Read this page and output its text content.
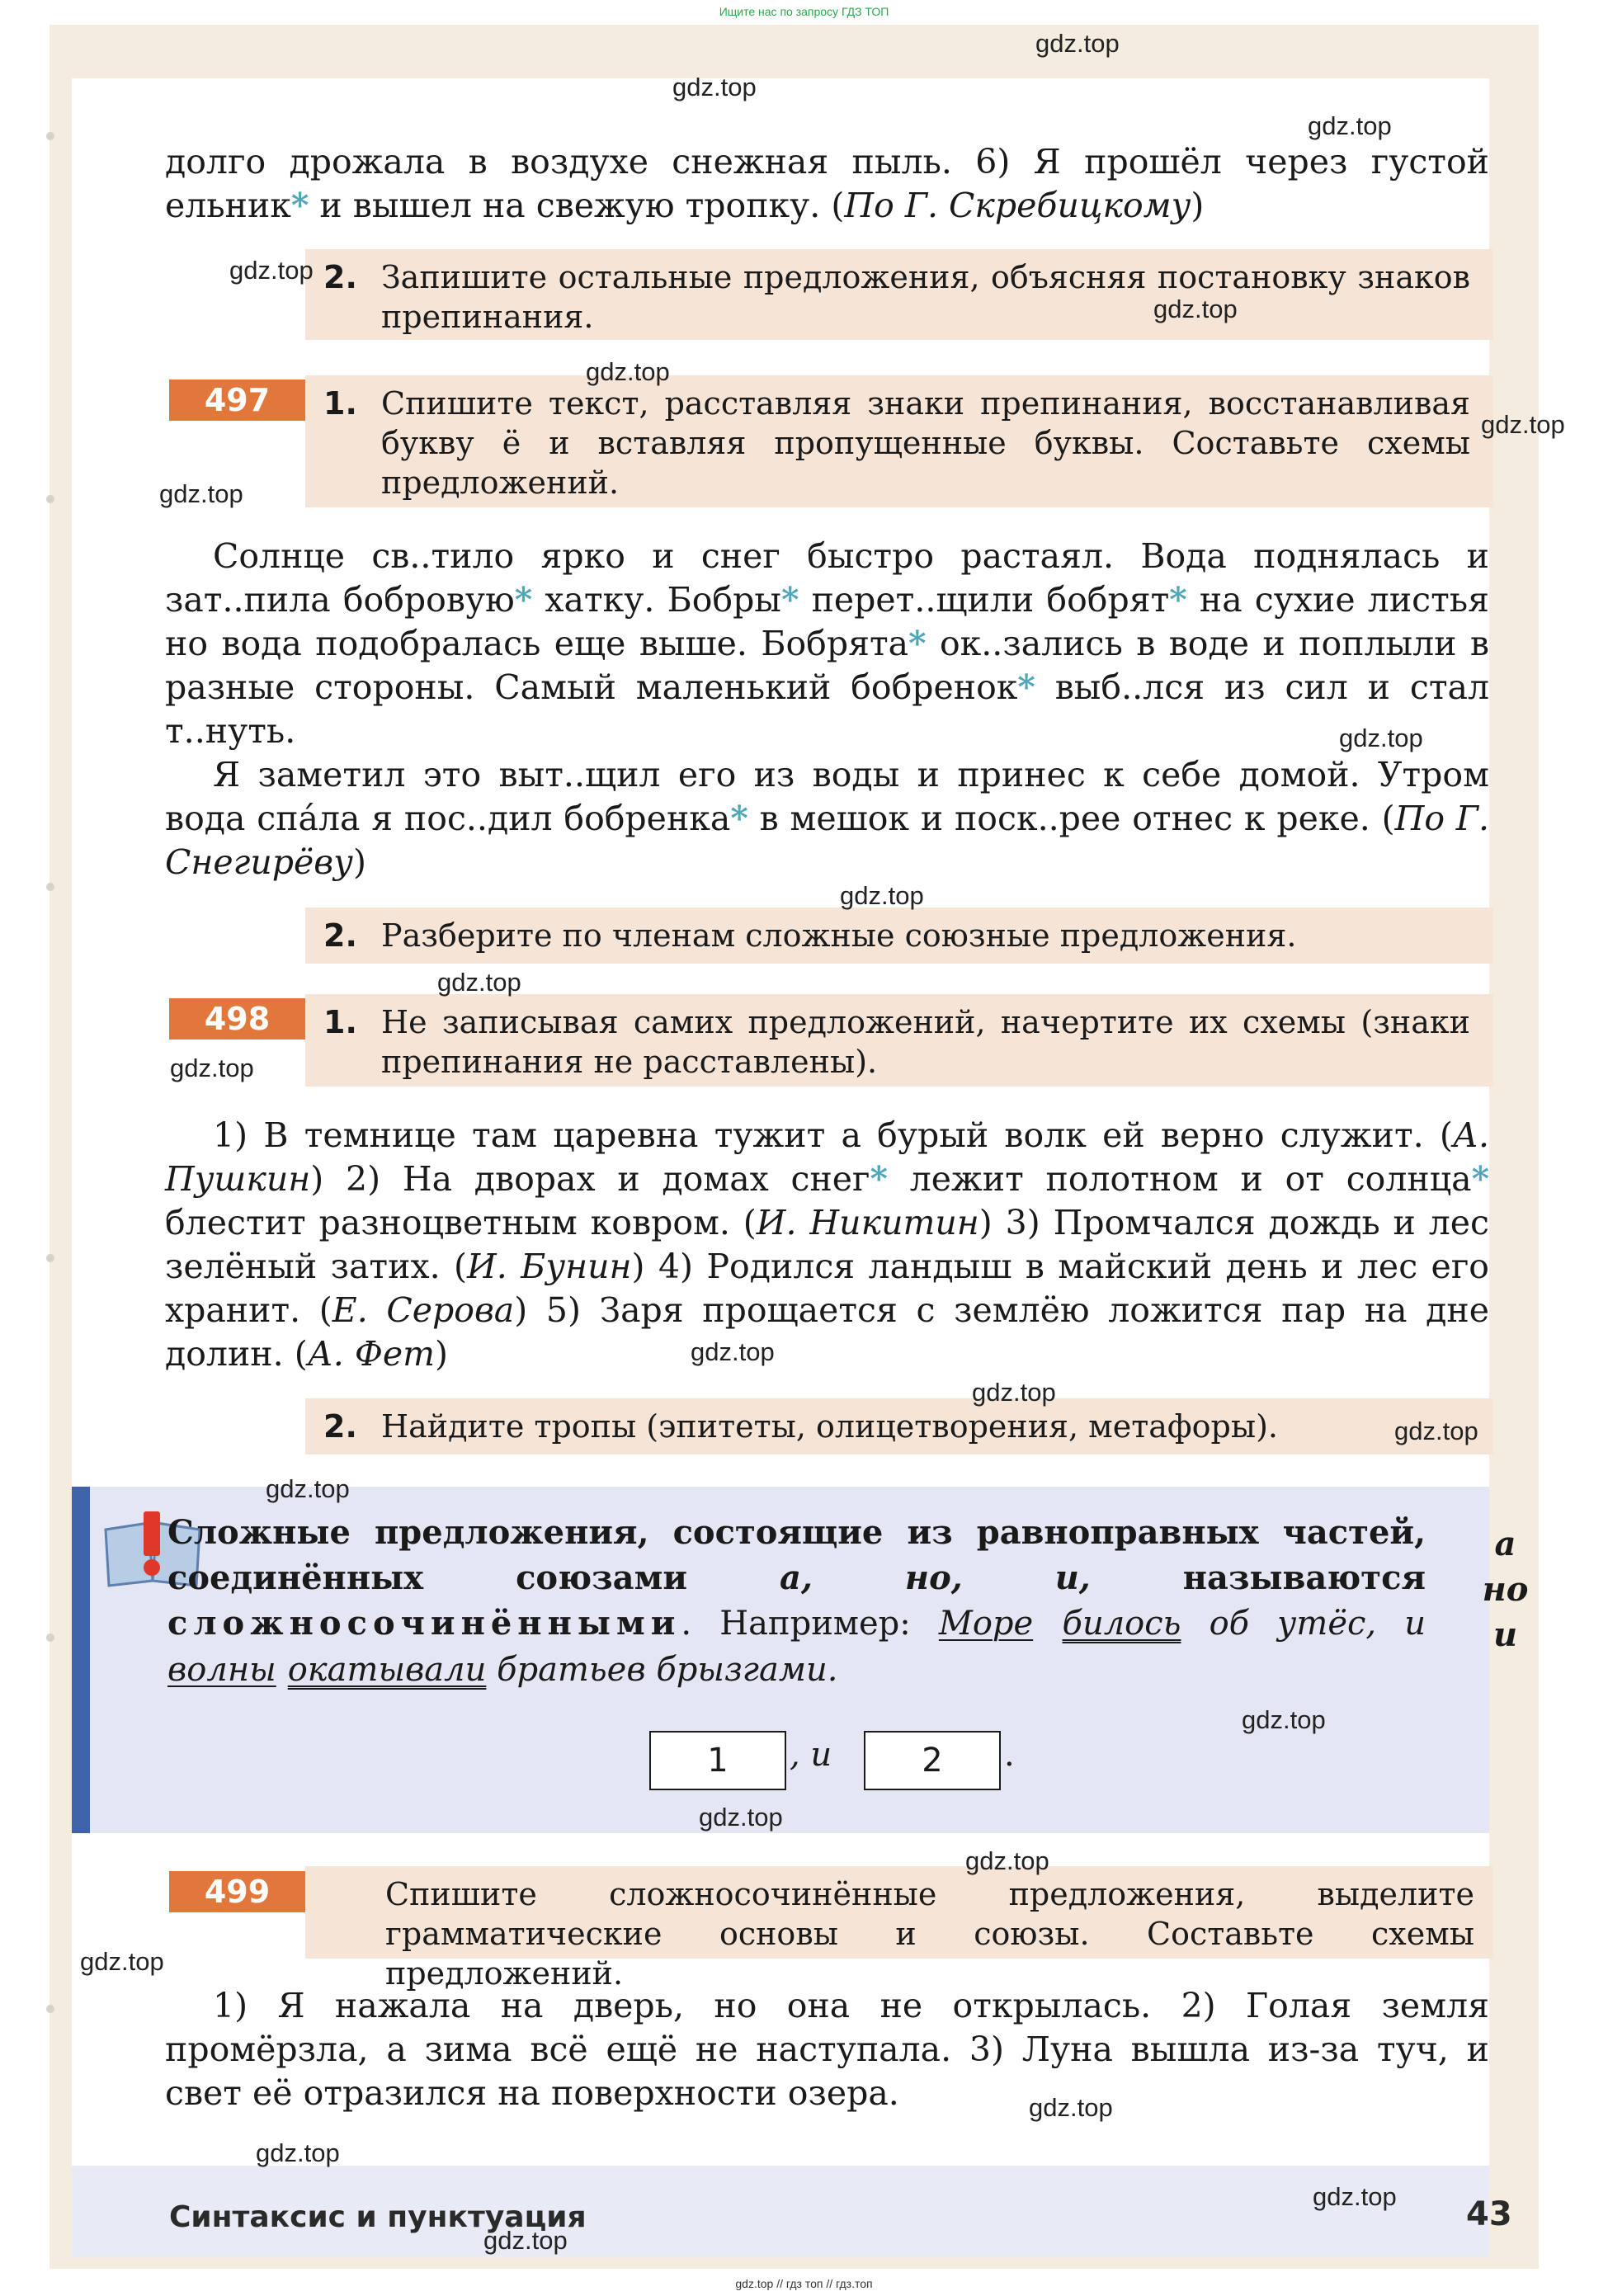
Ищите нас по запросу ГДЗ ТОП

долго дрожала в воздухе снежная пыль. 6) Я прошёл через густой

ельник* и вышел на свежую тропку. (По Г. Скребицкому)

2. Запишите остальные предложения, объясняя постановку знаков препинания.
497	1. Спишите текст, расставляя знаки препинания, восстанавливая букву ё и вставляя пропущенные буквы. Составьте схемы предложений.

Солнце св..тило ярко и снег быстро растаял. Вода поднялась и зат..пила бобровую* хатку. Бобры* перет..щили бобрят* на сухие листья но вода подобралась еще выше. Бобрята* ок..зались в воде и поплыли в разные стороны. Самый маленький бобренок* выб..лся из сил и стал т..нуть.

Я заметил это выт..щил его из воды и принес к себе домой. Утром вода спа́ла я пос..дил бобренка* в мешок и поск..рее отнес к реке. (По Г. Снегирёву)

2. Разберите по членам сложные союзные предложения.
498	1. Не записывая самих предложений, начертите их схемы (знаки препинания не расставлены).

1) В темнице там царевна тужит а бурый волк ей верно служит. (А. Пушкин) 2) На дворах и домах снег* лежит полотном и от солнца* блестит разноцветным ковром. (И. Никитин) 3) Промчался дождь и лес зелёный затих. (И. Бунин) 4) Родился ландыш в майский день и лес его хранит. (Е. Серова) 5) Заря прощается с землёю ложится пар на дне долин. (А. Фет)

2. Найдите тропы (эпитеты, олицетворения, метафоры).
Сложные предложения, состоящие из равноправных частей, соединённых союзами а, но, и, называются сложносочинёнными. Например: Море билось об утёс, и волны окатывали братьев брызгами.
а
но
и
1	, и	2	.
499	Спишите сложносочинённые предложения, выделите грамматические основы и союзы. Составьте схемы предложений.

1) Я нажала на дверь, но она не открылась. 2) Голая земля промёрзла, а зима всё ещё не наступала. 3) Луна вышла из-за туч, и свет её отразился на поверхности озера.

Синтаксис и пунктуация	43
gdz.top
gdz.top
gdz.top
gdz.top
gdz.top
gdz.top
gdz.top
gdz.top
gdz.top
gdz.top
gdz.top
gdz.top
gdz.top
gdz.top
gdz.top
gdz.top
gdz.top
gdz.top
gdz.top
gdz.top
gdz.top
gdz.top
gdz.top
gdz.top
gdz.top // гдз топ // гдз.топ
